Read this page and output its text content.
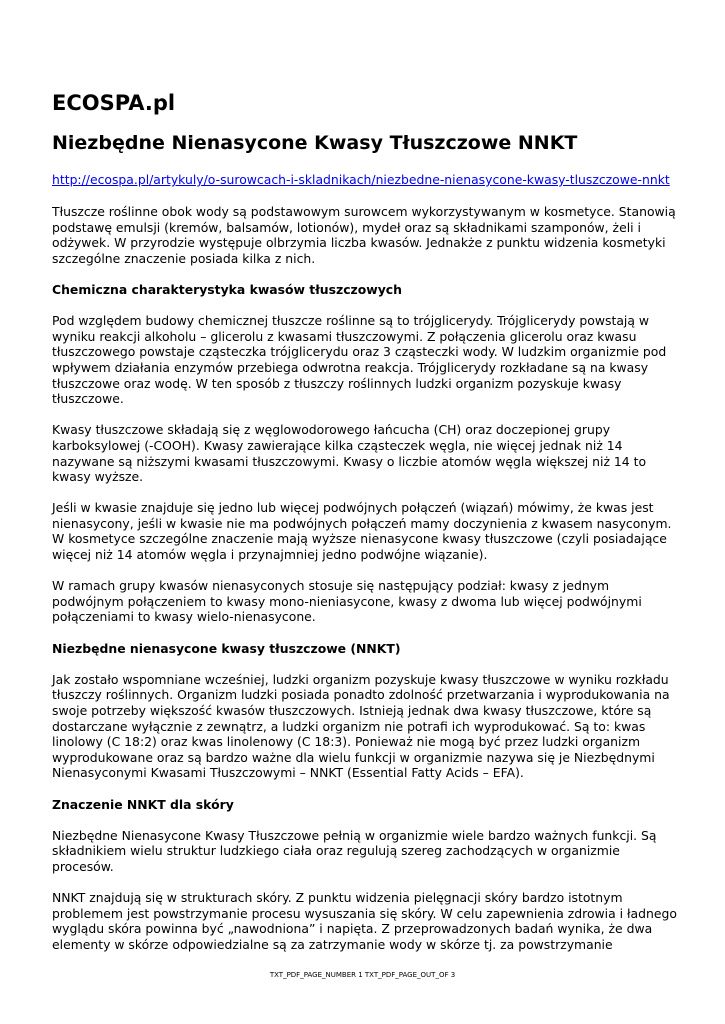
ECOSPA.pl
Niezbędne Nienasycone Kwasy Tłuszczowe NNKT
http://ecospa.pl/artykuly/o-surowcach-i-skladnikach/niezbedne-nienasycone-kwasy-tluszczowe-nnkt

Tłuszcze roślinne obok wody są podstawowym surowcem wykorzystywanym w kosmetyce. Stanowią
podstawę emulsji (kremów, balsamów, lotionów), mydeł oraz są składnikami szamponów, żeli i
odżywek. W przyrodzie występuje olbrzymia liczba kwasów. Jednakże z punktu widzenia kosmetyki
szczególne znaczenie posiada kilka z nich.

Chemiczna charakterystyka kwasów tłuszczowych

Pod względem budowy chemicznej tłuszcze roślinne są to trójglicerydy. Trójglicerydy powstają w
wyniku reakcji alkoholu – glicerolu z kwasami tłuszczowymi. Z połączenia glicerolu oraz kwasu
tłuszczowego powstaje cząsteczka trójglicerydu oraz 3 cząsteczki wody. W ludzkim organizmie pod
wpływem działania enzymów przebiega odwrotna reakcja. Trójglicerydy rozkładane są na kwasy
tłuszczowe oraz wodę. W ten sposób z tłuszczy roślinnych ludzki organizm pozyskuje kwasy
tłuszczowe.

Kwasy tłuszczowe składają się z węglowodorowego łańcucha (CH) oraz doczepionej grupy
karboksylowej (-COOH). Kwasy zawierające kilka cząsteczek węgla, nie więcej jednak niż 14
nazywane są niższymi kwasami tłuszczowymi. Kwasy o liczbie atomów węgla większej niż 14 to
kwasy wyższe.

Jeśli w kwasie znajduje się jedno lub więcej podwójnych połączeń (wiązań) mówimy, że kwas jest
nienasycony, jeśli w kwasie nie ma podwójnych połączeń mamy doczynienia z kwasem nasyconym.
W kosmetyce szczególne znaczenie mają wyższe nienasycone kwasy tłuszczowe (czyli posiadające
więcej niż 14 atomów węgla i przynajmniej jedno podwójne wiązanie).

W ramach grupy kwasów nienasyconych stosuje się następujący podział: kwasy z jednym
podwójnym połączeniem to kwasy mono-nieniasycone, kwasy z dwoma lub więcej podwójnymi
połączeniami to kwasy wielo-nienasycone.

Niezbędne nienasycone kwasy tłuszczowe (NNKT)

Jak zostało wspomniane wcześniej, ludzki organizm pozyskuje kwasy tłuszczowe w wyniku rozkładu
tłuszczy roślinnych. Organizm ludzki posiada ponadto zdolność przetwarzania i wyprodukowania na
swoje potrzeby większość kwasów tłuszczowych. Istnieją jednak dwa kwasy tłuszczowe, które są
dostarczane wyłącznie z zewnątrz, a ludzki organizm nie potrafi ich wyprodukować. Są to: kwas
linolowy (C 18:2) oraz kwas linolenowy (C 18:3). Ponieważ nie mogą być przez ludzki organizm
wyprodukowane oraz są bardzo ważne dla wielu funkcji w organizmie nazywa się je Niezbędnymi
Nienasyconymi Kwasami Tłuszczowymi – NNKT (Essential Fatty Acids – EFA).

Znaczenie NNKT dla skóry

Niezbędne Nienasycone Kwasy Tłuszczowe pełnią w organizmie wiele bardzo ważnych funkcji. Są
składnikiem wielu struktur ludzkiego ciała oraz regulują szereg zachodzących w organizmie
procesów.

NNKT znajdują się w strukturach skóry. Z punktu widzenia pielęgnacji skóry bardzo istotnym
problemem jest powstrzymanie procesu wysuszania się skóry. W celu zapewnienia zdrowia i ładnego
wyglądu skóra powinna być „nawodniona” i napięta. Z przeprowadzonych badań wynika, że dwa
elementy w skórze odpowiedzialne są za zatrzymanie wody w skórze tj. za powstrzymanie

TXT_PDF_PAGE_NUMBER 1 TXT_PDF_PAGE_OUT_OF 3
